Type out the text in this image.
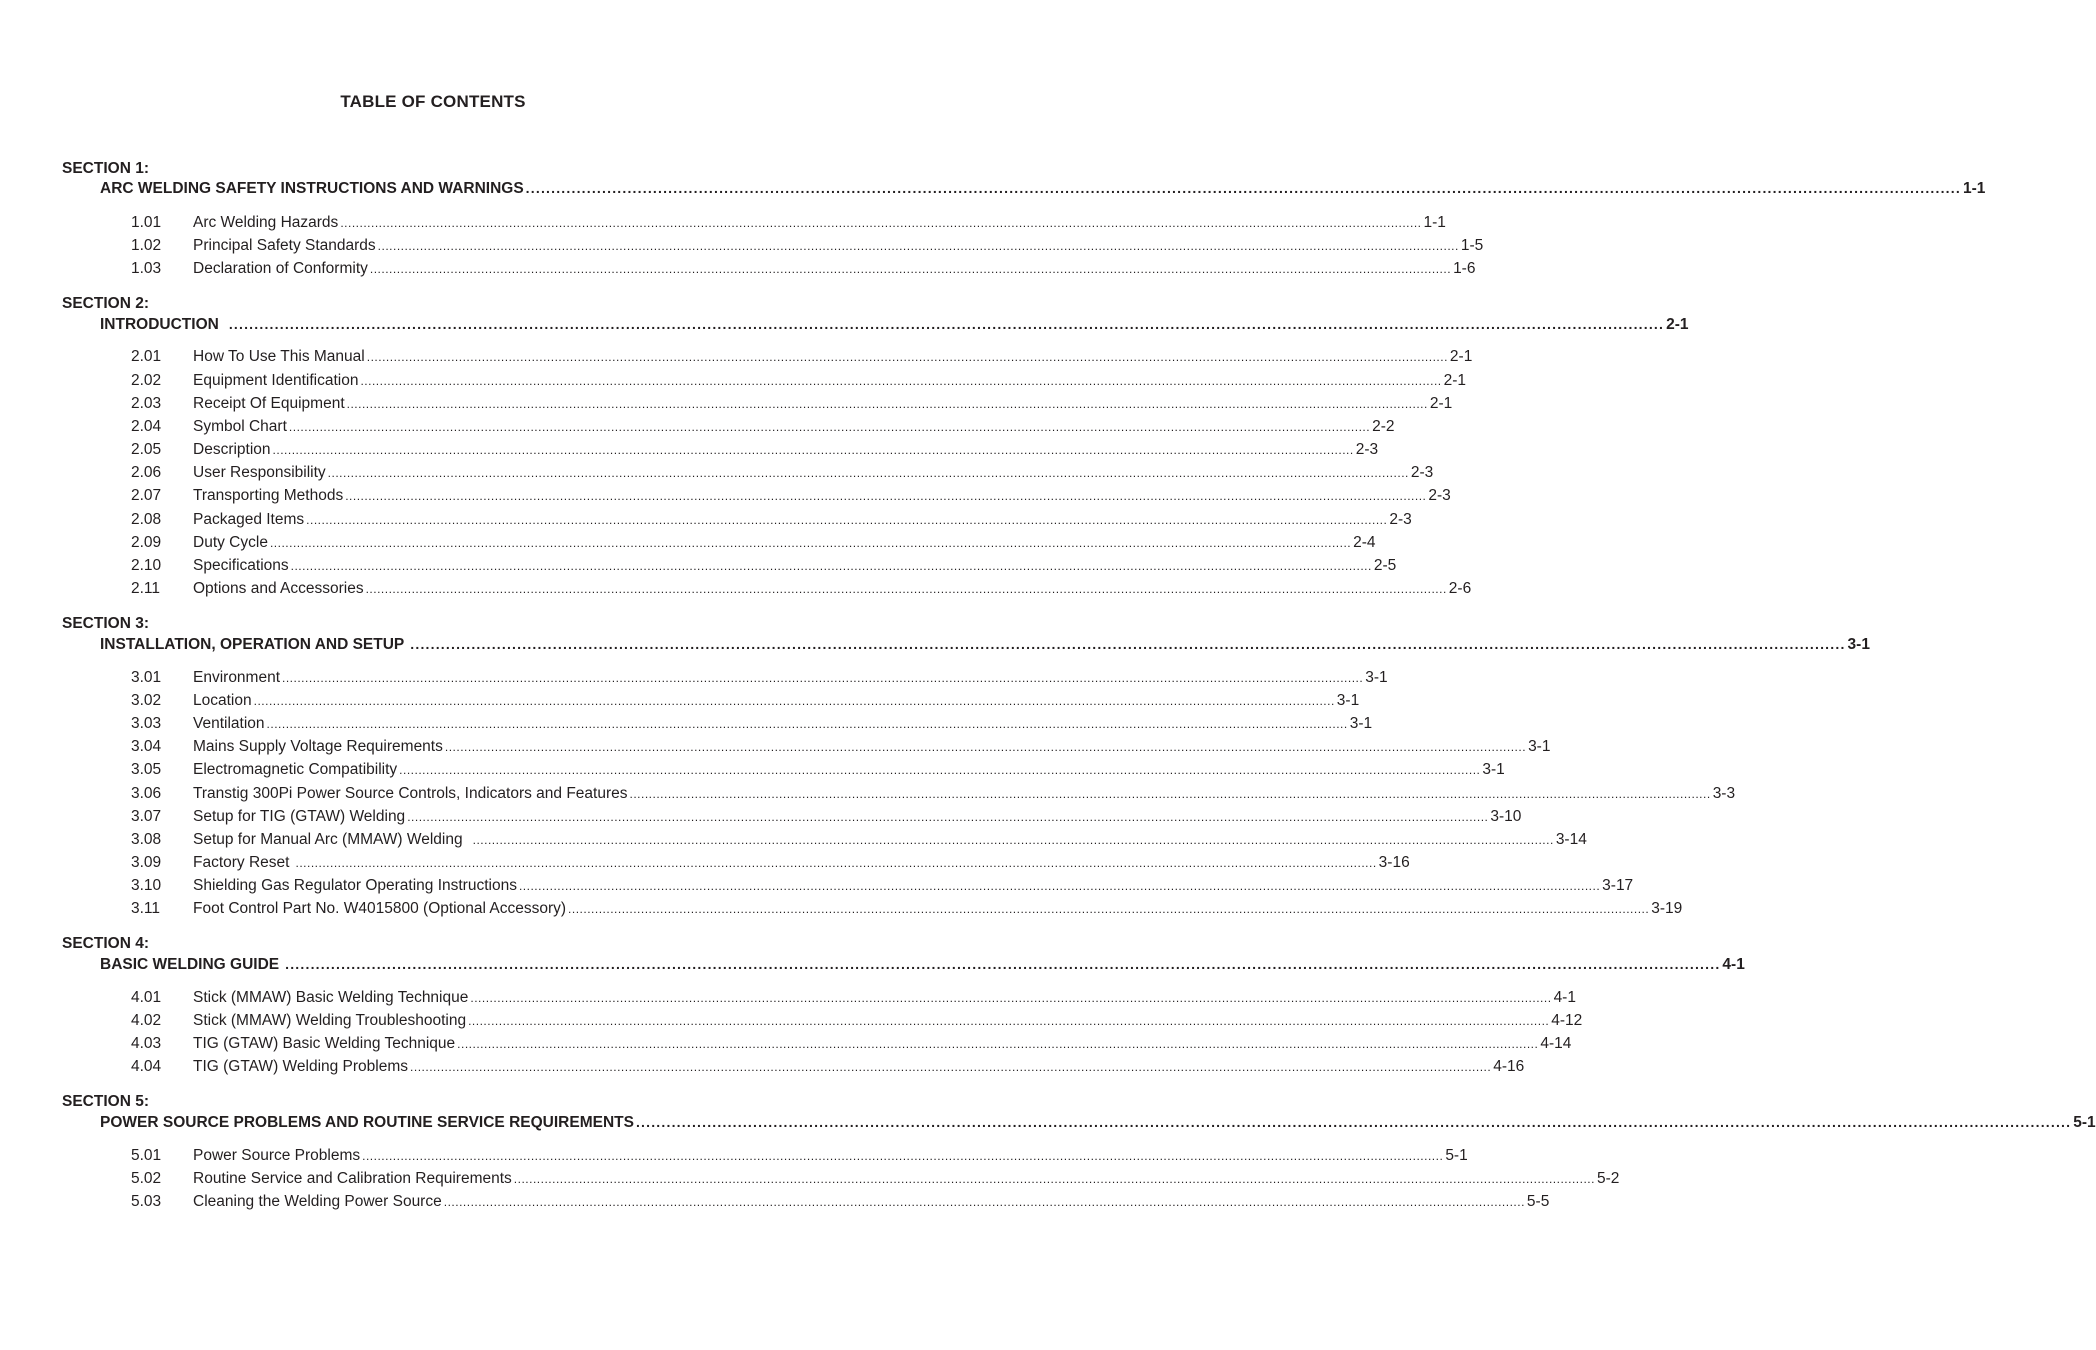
TABLE OF CONTENTS
SECTION 1:
ARC WELDING SAFETY INSTRUCTIONS AND WARNINGS .......................................................................................................................................................................................................................................................................................... 1-1
1.01	Arc Welding Hazards .......................................................................................................................................................................................................................................................................................... 1-1
1.02	Principal Safety Standards .......................................................................................................................................................................................................................................................................................... 1-5
1.03	Declaration of Conformity .......................................................................................................................................................................................................................................................................................... 1-6
SECTION 2:
INTRODUCTION .......................................................................................................................................................................................................................................................................................... 2-1
2.01	How To Use This Manual .......................................................................................................................................................................................................................................................................................... 2-1
2.02	Equipment Identification .......................................................................................................................................................................................................................................................................................... 2-1
2.03	Receipt Of Equipment .......................................................................................................................................................................................................................................................................................... 2-1
2.04	Symbol Chart .......................................................................................................................................................................................................................................................................................... 2-2
2.05	Description .......................................................................................................................................................................................................................................................................................... 2-3
2.06	User Responsibility .......................................................................................................................................................................................................................................................................................... 2-3
2.07	Transporting Methods .......................................................................................................................................................................................................................................................................................... 2-3
2.08	Packaged Items .......................................................................................................................................................................................................................................................................................... 2-3
2.09	Duty Cycle .......................................................................................................................................................................................................................................................................................... 2-4
2.10	Specifications .......................................................................................................................................................................................................................................................................................... 2-5
2.11	Options and Accessories .......................................................................................................................................................................................................................................................................................... 2-6
SECTION 3:
INSTALLATION, OPERATION AND SETUP .......................................................................................................................................................................................................................................................................................... 3-1
3.01	Environment .......................................................................................................................................................................................................................................................................................... 3-1
3.02	Location .......................................................................................................................................................................................................................................................................................... 3-1
3.03	Ventilation .......................................................................................................................................................................................................................................................................................... 3-1
3.04	Mains Supply Voltage Requirements .......................................................................................................................................................................................................................................................................................... 3-1
3.05	Electromagnetic Compatibility .......................................................................................................................................................................................................................................................................................... 3-1
3.06	Transtig 300Pi Power Source Controls, Indicators and Features .......................................................................................................................................................................................................................................................................................... 3-3
3.07	Setup for TIG (GTAW) Welding .......................................................................................................................................................................................................................................................................................... 3-10
3.08	Setup for Manual Arc (MMAW) Welding .......................................................................................................................................................................................................................................................................................... 3-14
3.09	Factory Reset .......................................................................................................................................................................................................................................................................................... 3-16
3.10	Shielding Gas Regulator Operating Instructions .......................................................................................................................................................................................................................................................................................... 3-17
3.11	Foot Control Part No. W4015800 (Optional Accessory) .......................................................................................................................................................................................................................................................................................... 3-19
SECTION 4:
BASIC WELDING GUIDE .......................................................................................................................................................................................................................................................................................... 4-1
4.01	Stick (MMAW) Basic Welding Technique .......................................................................................................................................................................................................................................................................................... 4-1
4.02	Stick (MMAW) Welding Troubleshooting .......................................................................................................................................................................................................................................................................................... 4-12
4.03	TIG (GTAW) Basic Welding Technique .......................................................................................................................................................................................................................................................................................... 4-14
4.04	TIG (GTAW) Welding Problems .......................................................................................................................................................................................................................................................................................... 4-16
SECTION 5:
POWER SOURCE PROBLEMS AND ROUTINE SERVICE REQUIREMENTS .......................................................................................................................................................................................................................................................................................... 5-1
5.01	Power Source Problems .......................................................................................................................................................................................................................................................................................... 5-1
5.02	Routine Service and Calibration Requirements .......................................................................................................................................................................................................................................................................................... 5-2
5.03	Cleaning the Welding Power Source .......................................................................................................................................................................................................................................................................................... 5-5
